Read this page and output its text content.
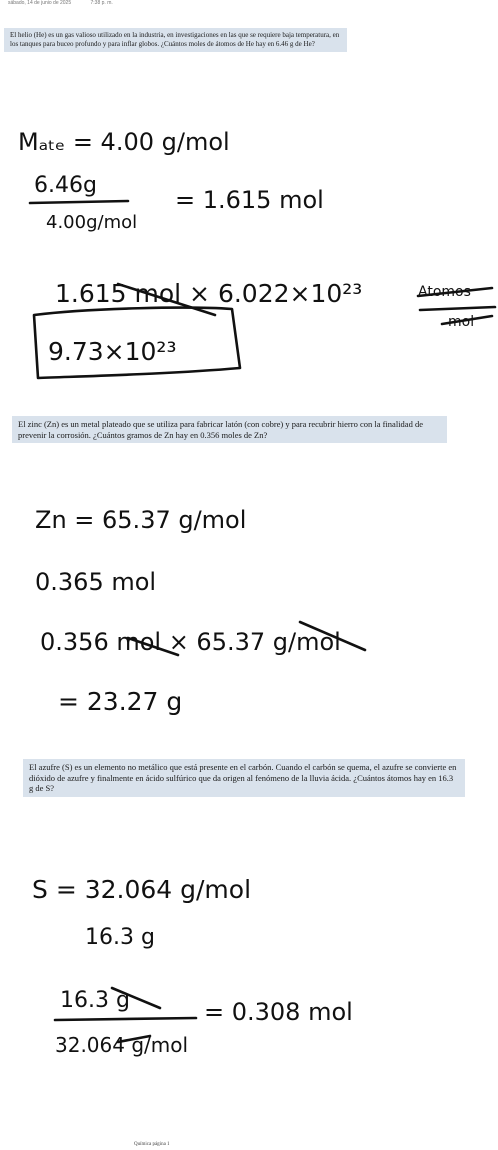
sábado, 14 de junio de 2025	7:38 p. m.
El helio (He) es un gas valioso utilizado en la industria, en investigaciones en las que se requiere baja temperatura, en los tanques para buceo profundo y para inflar globos. ¿Cuántos moles de átomos de He hay en 6.46 g de He?
Mₐₜₑ = 4.00 g/mol
6.46g
4.00g/mol
= 1.615 mol
1.615 mol × 6.022×10²³	Atomos
mol
9.73×10²³
El zinc (Zn) es un metal plateado que se utiliza para fabricar latón (con cobre) y para recubrir hierro con la finalidad de prevenir la corrosión. ¿Cuántos gramos de Zn hay en 0.356 moles de Zn?
Zn = 65.37 g/mol
0.365 mol
0.356 mol × 65.37 g/mol
= 23.27 g
El azufre (S) es un elemento no metálico que está presente en el carbón. Cuando el carbón se quema, el azufre se convierte en dióxido de azufre y finalmente en ácido sulfúrico que da origen al fenómeno de la lluvia ácida. ¿Cuántos átomos hay en 16.3 g de S?
S = 32.064 g/mol
16.3 g
16.3 g
32.064 g/mol
= 0.308 mol
Química página 1
